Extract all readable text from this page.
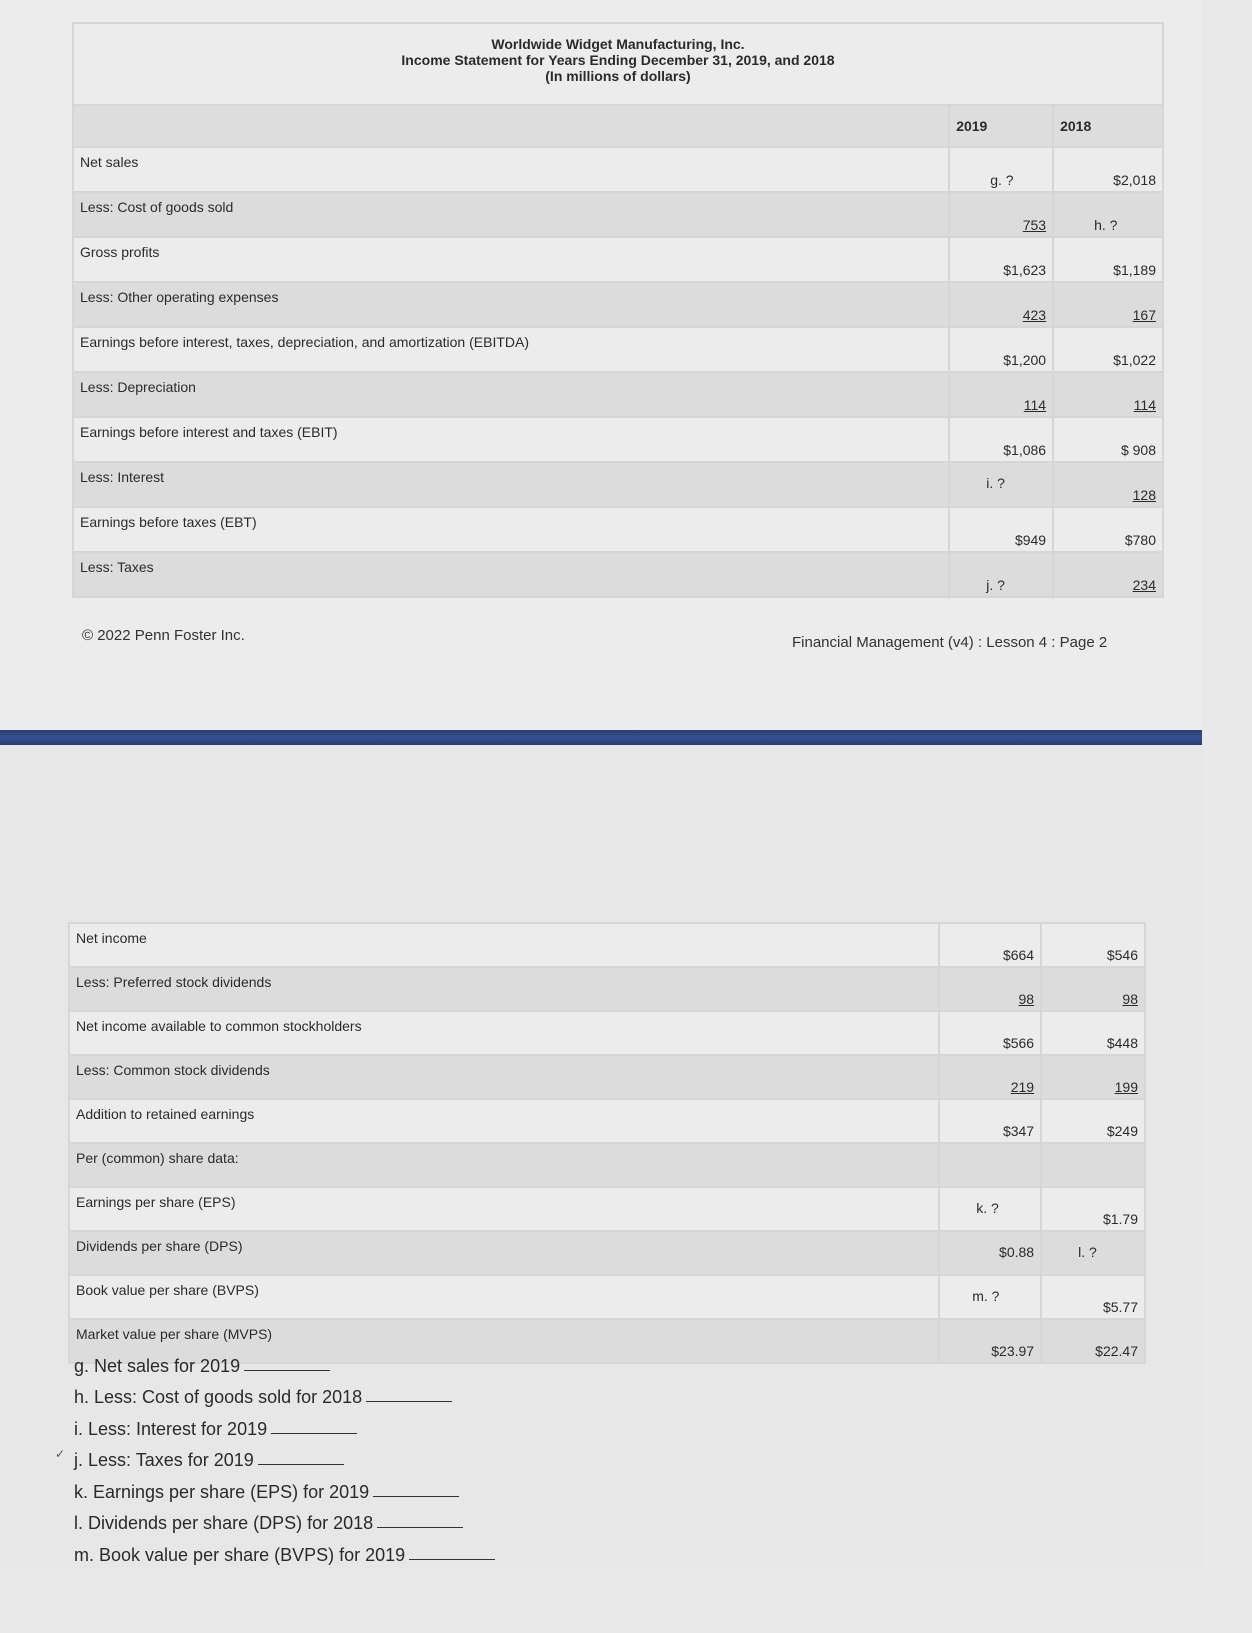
Worldwide Widget Manufacturing, Inc.
Income Statement for Years Ending December 31, 2019, and 2018
(In millions of dollars)		

	2019	2018
Net sales	g. ?	$2,018
Less: Cost of goods sold	753	h. ?
Gross profits	$1,623	$1,189
Less: Other operating expenses	423	167
Earnings before interest, taxes, depreciation, and amortization (EBITDA)	$1,200	$1,022
Less: Depreciation	114	114
Earnings before interest and taxes (EBIT)	$1,086	$ 908
Less: Interest	i. ?	128
Earnings before taxes (EBT)	$949	$780
Less: Taxes	j. ?	234
© 2022 Penn Foster Inc.	Financial Management (v4) : Lesson 4 : Page 2
Net income	$664	$546
Less: Preferred stock dividends	98	98
Net income available to common stockholders	$566	$448
Less: Common stock dividends	219	199
Addition to retained earnings	$347	$249
Per (common) share data:		
Earnings per share (EPS)	k. ?	$1.79
Dividends per share (DPS)	$0.88	l. ?
Book value per share (BVPS)	m. ?	$5.77
Market value per share (MVPS)	$23.97	$22.47
✓
g. Net sales for 2019
h. Less: Cost of goods sold for 2018
i. Less: Interest for 2019
j. Less: Taxes for 2019
k. Earnings per share (EPS) for 2019
l. Dividends per share (DPS) for 2018
m. Book value per share (BVPS) for 2019
